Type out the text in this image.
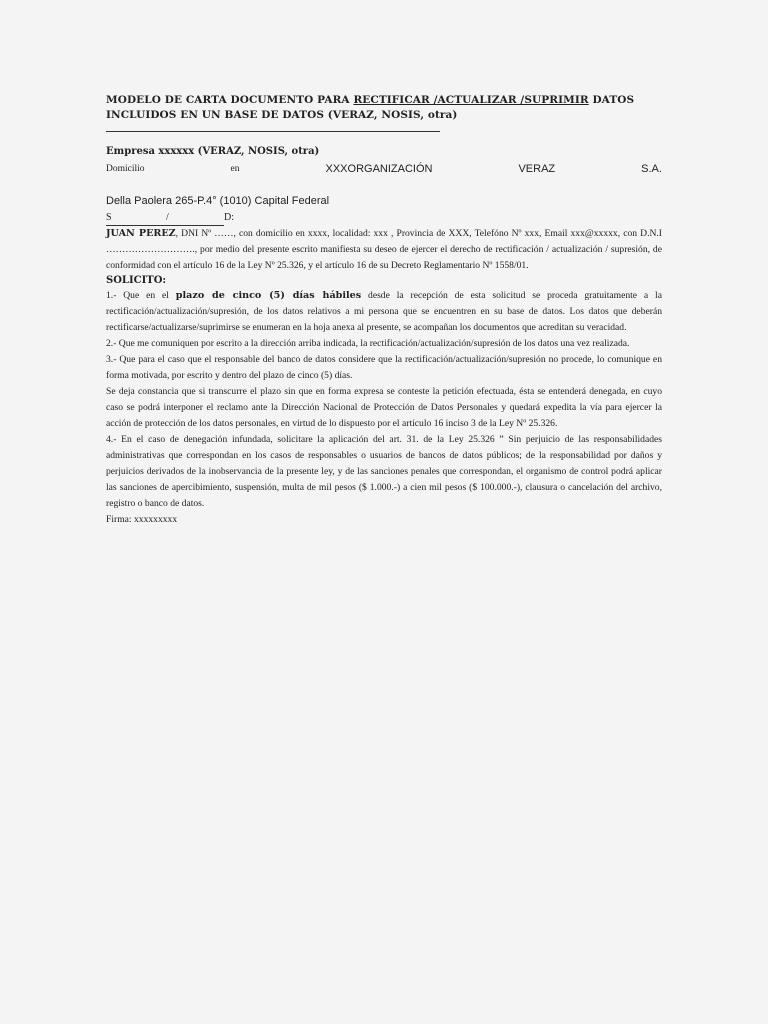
MODELO DE CARTA DOCUMENTO PARA RECTIFICAR /ACTUALIZAR /SUPRIMIR DATOS INCLUIDOS EN UN BASE DE DATOS (VERAZ, NOSIS, otra)
Empresa xxxxxx (VERAZ, NOSIS, otra)
Domicilio	en	XXXORGANIZACIÓN	VERAZ	S.A.
Della Paolera 265-P.4° (1010) Capital Federal
S	/	D:

JUAN PEREZ, DNI Nº ……, con domicilio en xxxx, localidad: xxx , Provincia de XXX, Telefóno Nº xxx, Email xxx@xxxxx, con D.N.I ………………………., por medio del presente escrito manifiesta su deseo de ejercer el derecho de rectificación / actualización / supresión, de conformidad con el artículo 16 de la Ley Nº 25.326, y el artículo 16 de su Decreto Reglamentario Nº 1558/01.

SOLICITO:

1.- Que en el plazo de cinco (5) días hábiles desde la recepción de esta solicitud se proceda gratuitamente a la rectificación/actualización/supresión, de los datos relativos a mi persona que se encuentren en su base de datos. Los datos que deberán rectificarse/actualizarse/suprimirse se enumeran en la hoja anexa al presente, se acompañan los documentos que acreditan su veracidad.

2.- Que me comuniquen por escrito a la dirección arriba indicada, la rectificación/actualización/supresión de los datos una vez realizada.

3.- Que para el caso que el responsable del banco de datos considere que la rectificación/actualización/supresión no procede, lo comunique en forma motivada, por escrito y dentro del plazo de cinco (5) días.

Se deja constancia que si transcurre el plazo sin que en forma expresa se conteste la petición efectuada, ésta se entenderá denegada, en cuyo caso se podrá interponer el reclamo ante la Dirección Nacional de Protección de Datos Personales y quedará expedita la vía para ejercer la acción de protección de los datos personales, en virtud de lo dispuesto por el artículo 16 inciso 3 de la Ley Nº 25.326.

4.- En el caso de denegación infundada, solicitare la aplicación del art. 31. de la Ley 25.326 ” Sin perjuicio de las responsabilidades administrativas que correspondan en los casos de responsables o usuarios de bancos de datos públicos; de la responsabilidad por daños y perjuicios derivados de la inobservancia de la presente ley, y de las sanciones penales que correspondan, el organismo de control podrá aplicar las sanciones de apercibimiento, suspensión, multa de mil pesos ($ 1.000.-) a cien mil pesos ($ 100.000.-), clausura o cancelación del archivo, registro o banco de datos.

Firma: xxxxxxxxx
